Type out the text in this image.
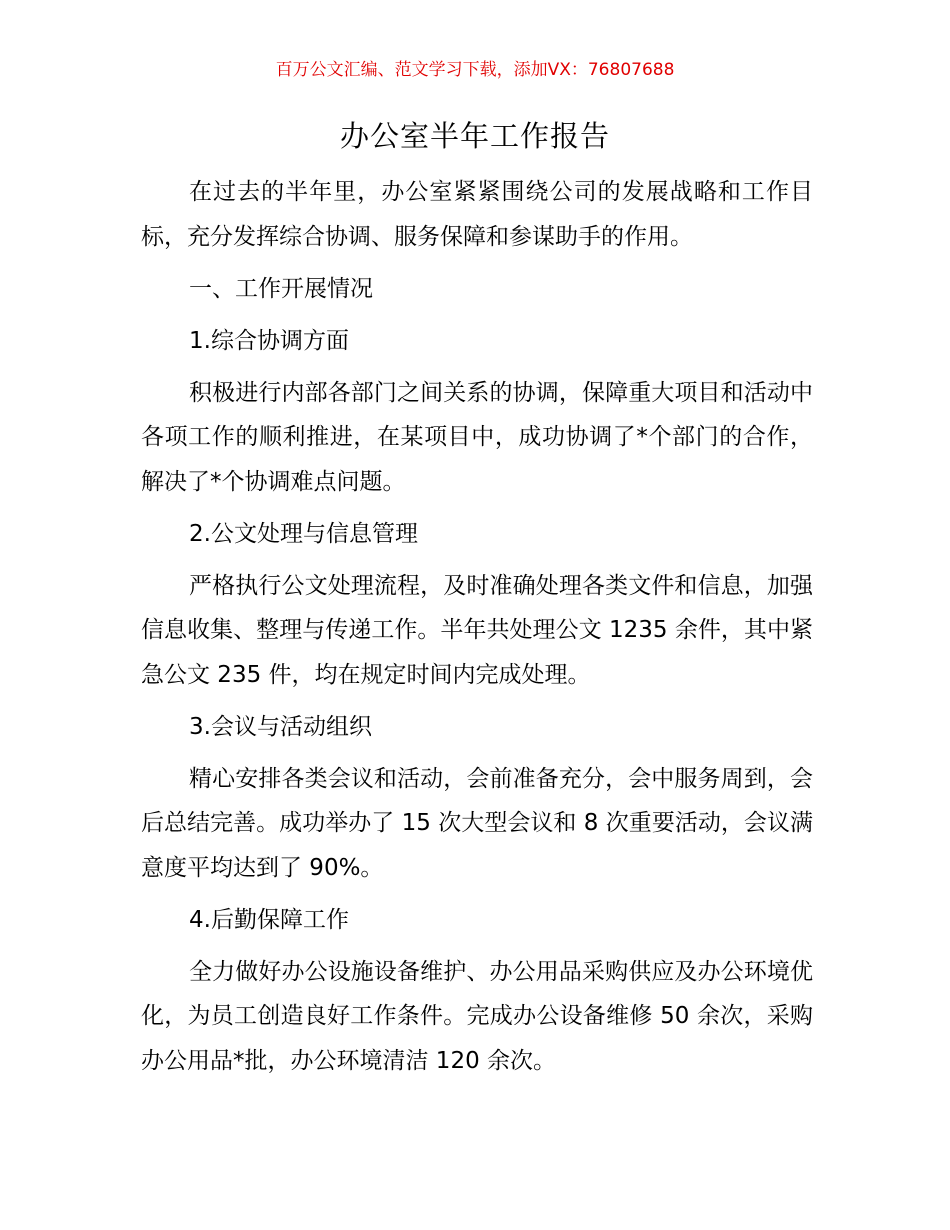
百万公文汇编、范文学习下载，添加VX：76807688
办公室半年工作报告

在过去的半年里，办公室紧紧围绕公司的发展战略和工作目标，充分发挥综合协调、服务保障和参谋助手的作用。

一、工作开展情况

1.综合协调方面

积极进行内部各部门之间关系的协调，保障重大项目和活动中各项工作的顺利推进，在某项目中，成功协调了*个部门的合作，解决了*个协调难点问题。

2.公文处理与信息管理

严格执行公文处理流程，及时准确处理各类文件和信息，加强信息收集、整理与传递工作。半年共处理公文 1235 余件，其中紧急公文 235 件，均在规定时间内完成处理。

3.会议与活动组织

精心安排各类会议和活动，会前准备充分，会中服务周到，会后总结完善。成功举办了 15 次大型会议和 8 次重要活动，会议满意度平均达到了 90%。

4.后勤保障工作

全力做好办公设施设备维护、办公用品采购供应及办公环境优化，为员工创造良好工作条件。完成办公设备维修 50 余次，采购办公用品*批，办公环境清洁 120 余次。
